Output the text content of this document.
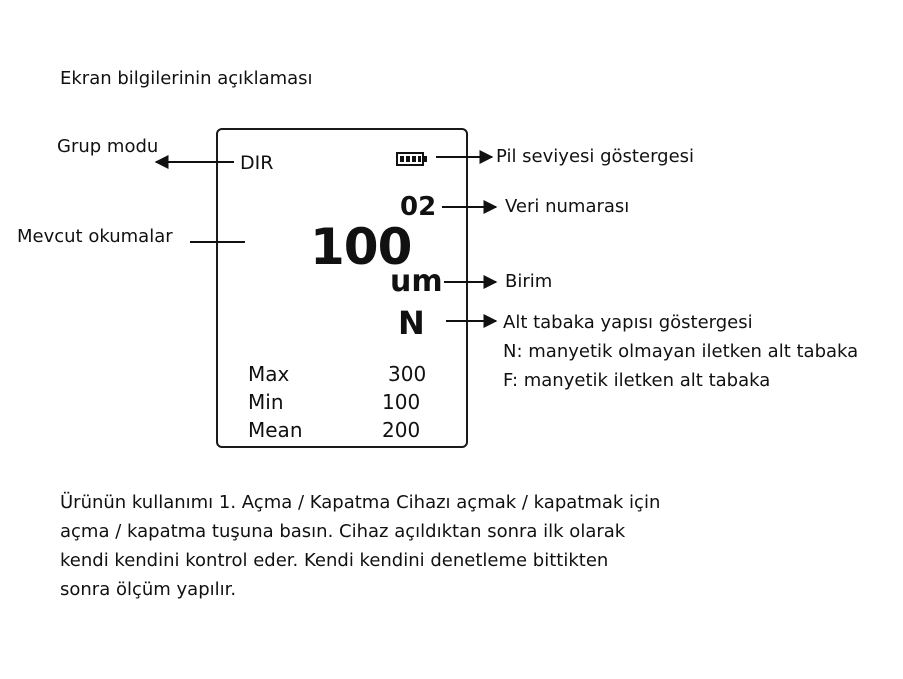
Ekran bilgilerinin açıklaması
Grup modu
Mevcut okumalar
Pil seviyesi göstergesi
Veri numarası
Birim
Alt tabaka yapısı göstergesi
N: manyetik olmayan iletken alt tabaka
F: manyetik iletken alt tabaka
DIR
02
100
um
N
Max	300
Min	100
Mean	200
Ürünün kullanımı 1. Açma / Kapatma Cihazı açmak / kapatmak için
açma / kapatma tuşuna basın. Cihaz açıldıktan sonra ilk olarak
kendi kendini kontrol eder. Kendi kendini denetleme bittikten
sonra ölçüm yapılır.
